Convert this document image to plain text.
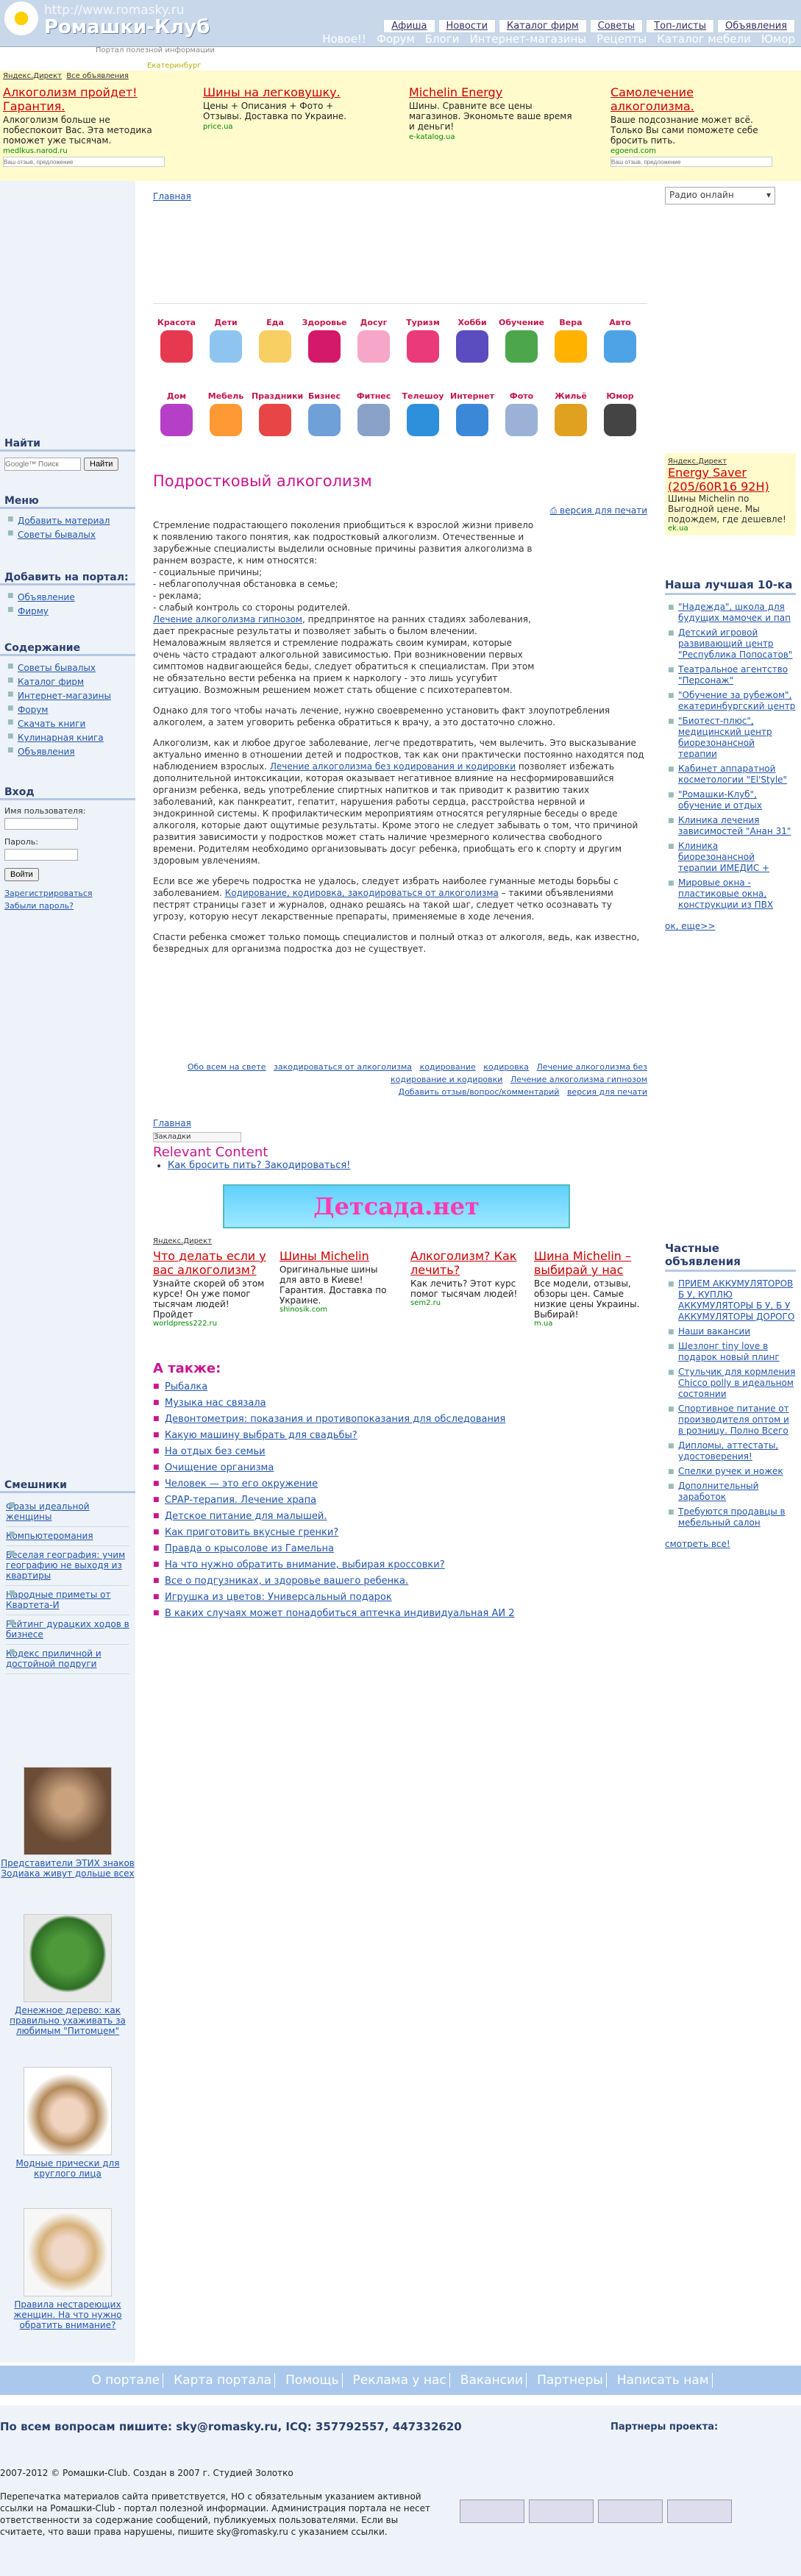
http://www.romasky.ru
Ромашки-Клуб	Афиша	Новости	Каталог фирм	Советы	Топ-листы	Объявления
Новое!! Форум Блоги Интернет-магазины Рецепты Каталог мебели Юмор
Портал полезной информации
Екатеринбург
Яндекс.Директ Все объявления
Алкоголизм пройдет! Гарантия.
Алкоголизм больше не побеспокоит Вас. Эта методика поможет уже тысячам.
medlkus.narod.ru
Ваш отзыв, предложение
Шины на легковушку.
Цены + Описания + Фото + Отзывы. Доставка по Украине.
price.ua
Michelin Energy
Шины. Сравните все цены магазинов. Экономьте ваше время и деньги!
e-katalog.ua
Самолечение алкоголизма.
Ваше подсознание может всё. Только Вы сами поможете себе бросить пить.
egoend.com
Ваш отзыв, предложение
Найти
Google™ Поиск
Найти
Меню
■ Добавить материал
■ Советы бывалых
Добавить на портал:
■ Объявление
■ Фирму
Содержание
■ Советы бывалых
■ Каталог фирм
■ Интернет-магазины
■ Форум
■ Скачать книги
■ Кулинарная книга
■ Объявления
Вход
Имя пользователя:
Пароль:

Войти
Зарегистрироваться
Забыли пароль?
Смешники
■ Фразы идеальной женщины
■ Компьютеромания
■ Веселая география: учим географию не выходя из квартиры
■ Народные приметы от Квартета-И
■ Рейтинг дурацких ходов в бизнесе
■ Кодекс приличной и достойной подруги
Представители ЭТИХ знаков Зодиака живут дольше всех
Денежное дерево: как правильно ухаживать за любимым "Питомцем"
Модные прически для круглого лица
Правила нестареющих женщин. На что нужно обратить внимание?
Главная
Красота	Дети	Еда	Здоровье	Досуг	Туризм	Хобби	Обучение	Вера	Авто
Дом	Мебель Праздники Бизнес	Фитнес	Телешоу Интернет	Фото	Жильё	Юмор
Подростковый алкоголизм
⎙ версия для печати

Стремление подрастающего поколения приобщиться к взрослой жизни привело к появлению такого понятия, как подростковый алкоголизм. Отечественные и зарубежные специалисты выделили основные причины развития алкоголизма в раннем возрасте, к ним относятся:
- социальные причины;
- неблагополучная обстановка в семье;
- реклама;
- слабый контроль со стороны родителей.
Лечение алкоголизма гипнозом, предпринятое на ранних стадиях заболевания, дает прекрасные результаты и позволяет забыть о былом влечении.
Немаловажным является и стремление подражать своим кумирам, которые очень часто страдают алкогольной зависимостью. При возникновении первых симптомов надвигающейся беды, следует обратиться к специалистам. При этом не обязательно вести ребенка на прием к наркологу - это лишь усугубит ситуацию. Возможным решением может стать общение с психотерапевтом.

Однако для того чтобы начать лечение, нужно своевременно установить факт злоупотребления алкоголем, а затем уговорить ребенка обратиться к врачу, а это достаточно сложно.

Алкоголизм, как и любое другое заболевание, легче предотвратить, чем вылечить. Это высказывание актуально именно в отношении детей и подростков, так как они практически постоянно находятся под наблюдением взрослых. Лечение алкоголизма без кодирования и кодировки позволяет избежать дополнительной интоксикации, которая оказывает негативное влияние на несформировавшийся организм ребенка, ведь употребление спиртных напитков и так приводит к развитию таких заболеваний, как панкреатит, гепатит, нарушения работы сердца, расстройства нервной и эндокринной системы. К профилактическим мероприятиям относятся регулярные беседы о вреде алкоголя, которые дают ощутимые результаты. Кроме этого не следует забывать о том, что причиной развития зависимости у подростков может стать наличие чрезмерного количества свободного времени. Родителям необходимо организовывать досуг ребенка, приобщать его к спорту и другим здоровым увлечениям.

Если все же уберечь подростка не удалось, следует избрать наиболее гуманные методы борьбы с заболеванием. Кодирование, кодировка, закодироваться от алкоголизма – такими объявлениями пестрят страницы газет и журналов, однако решаясь на такой шаг, следует четко осознавать ту угрозу, которую несут лекарственные препараты, применяемые в ходе лечения.

Спасти ребенка сможет только помощь специалистов и полный отказ от алкоголя, ведь, как известно, безвредных для организма подростка доз не существует.

Обо всем на свете закодироваться от алкоголизма кодирование кодировка Лечение алкоголизма без кодирование и кодировки Лечение алкоголизма гипнозом
Добавить отзыв/вопрос/комментарий версия для печати
Главная
Закладки
Relevant Content
• Как бросить пить? Закодироваться!
Детсада.нет
Яндекс.Директ
Что делать если у вас алкоголизм?
Узнайте скорей об этом курсе! Он уже помог тысячам людей! Пройдет
worldpress222.ru
Шины Michelin
Оригинальные шины для авто в Киеве! Гарантия. Доставка по Украине.
shinosik.com
Алкоголизм? Как лечить?
Как лечить? Этот курс помог тысячам людей!
sem2.ru
Шина Michelin – выбирай у нас
Все модели, отзывы, обзоры цен. Самые низкие цены Украины. Выбирай!
m.ua
А также:
■ Рыбалка
■ Музыка нас связала
■ Девонтометрия: показания и противопоказания для обследования
■ Какую машину выбрать для свадьбы?
■ На отдых без семьи
■ Очищение организма
■ Человек — это его окружение
■ СРАР-терапия. Лечение храпа
■ Детское питание для малышей.
■ Как приготовить вкусные гренки?
■ Правда о крысолове из Гамельна
■ На что нужно обратить внимание, выбирая кроссовки?
■ Все о подгузниках, и здоровье вашего ребенка.
■ Игрушка из цветов: Универсальный подарок
■ В каких случаях может понадобиться аптечка индивидуальная АИ 2
Радио онлайн	▾
Яндекс.Директ
Energy Saver (205/60R16 92H)
Шины Michelin по Выгодной цене. Мы подождем, где дешевле!
ek.ua
Наша лучшая 10-ка
■ "Надежда", школа для будущих мамочек и пап
■ Детский игровой развивающий центр "Республика Попосатов"
■ Театральное агентство "Персонаж"
■ "Обучение за рубежом", екатеринбургский центр
■ "Биотест-плюс", медицинский центр биорезонансной терапии
■ Кабинет аппаратной косметологии "El'Style"
■ "Ромашки-Клуб", обучение и отдых
■ Клиника лечения зависимостей "Анан 31"
■ Клиника биорезонансной терапии ИМЕДИС +
■ Мировые окна - пластиковые окна, конструкции из ПВХ
ок, еще>>
Частные объявления
■ ПРИЕМ АККУМУЛЯТОРОВ Б У, КУПЛЮ АККУМУЛЯТОРЫ Б У, Б У АККУМУЛЯТОРЫ ДОРОГО
■ Наши вакансии
■ Шезлонг tiny love в подарок новый плинг
■ Стульчик для кормления Chicco polly в идеальном состоянии
■ Спортивное питание от производителя оптом и в розницу. Полно Всего
■ Дипломы, аттестаты, удостоверения!
■ Спелки ручек и ножек
■ Дополнительный заработок
■ Требуются продавцы в мебельный салон
смотреть все!
О портале Карта портала Помощь Реклама у нас Вакансии Партнеры Написать нам
По всем вопросам пишите: sky@romasky.ru, ICQ: 357792557, 447332620	Партнеры проекта:
2007-2012 © Ромашки-Club. Создан в 2007 г. Студией Золотко

Перепечатка материалов сайта приветствуется, НО с обязательным указанием активной ссылки на Ромашки-Club - портал полезной информации. Администрация портала не несет ответственности за содержание сообщений, публикуемых пользователями. Если вы считаете, что ваши права нарушены, пишите sky@romasky.ru с указанием ссылки.
